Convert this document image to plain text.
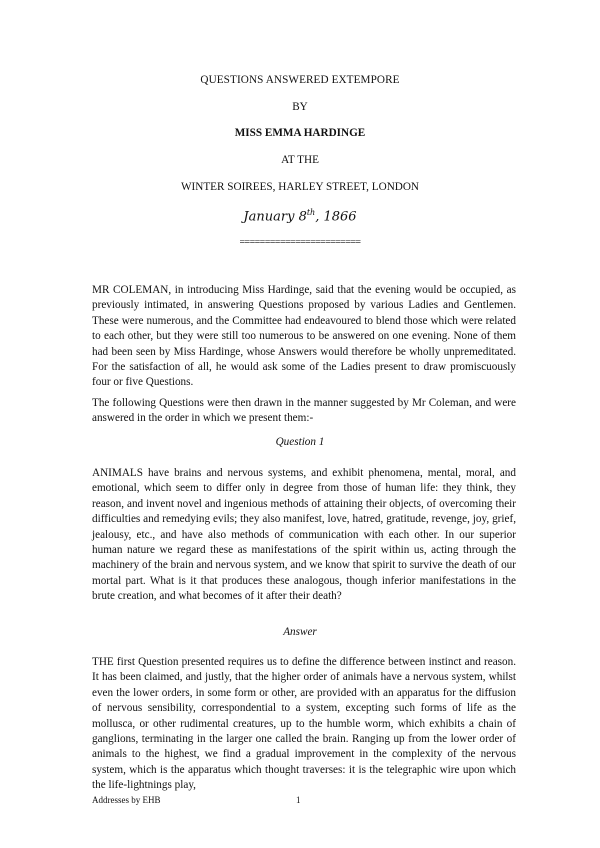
QUESTIONS ANSWERED EXTEMPORE
BY
MISS EMMA HARDINGE
AT THE
WINTER SOIREES, HARLEY STREET, LONDON
January 8th, 1866
========================

MR COLEMAN, in introducing Miss Hardinge, said that the evening would be occupied, as previously intimated, in answering Questions proposed by various Ladies and Gentlemen. These were numerous, and the Committee had endeavoured to blend those which were related to each other, but they were still too numerous to be answered on one evening. None of them had been seen by Miss Hardinge, whose Answers would therefore be wholly unpremeditated. For the satisfaction of all, he would ask some of the Ladies present to draw promiscuously four or five Questions.

The following Questions were then drawn in the manner suggested by Mr Coleman, and were answered in the order in which we present them:-

Question 1

ANIMALS have brains and nervous systems, and exhibit phenomena, mental, moral, and emotional, which seem to differ only in degree from those of human life: they think, they reason, and invent novel and ingenious methods of attaining their objects, of overcoming their difficulties and remedying evils; they also manifest, love, hatred, gratitude, revenge, joy, grief, jealousy, etc., and have also methods of communication with each other. In our superior human nature we regard these as manifestations of the spirit within us, acting through the machinery of the brain and nervous system, and we know that spirit to survive the death of our mortal part. What is it that produces these analogous, though inferior manifestations in the brute creation, and what becomes of it after their death?

Answer

THE first Question presented requires us to define the difference between instinct and reason. It has been claimed, and justly, that the higher order of animals have a nervous system, whilst even the lower orders, in some form or other, are provided with an apparatus for the diffusion of nervous sensibility, correspondential to a system, excepting such forms of life as the mollusca, or other rudimental creatures, up to the humble worm, which exhibits a chain of ganglions, terminating in the larger one called the brain. Ranging up from the lower order of animals to the highest, we find a gradual improvement in the complexity of the nervous system, which is the apparatus which thought traverses: it is the telegraphic wire upon which the life-lightnings play,

Addresses by EHB	1
